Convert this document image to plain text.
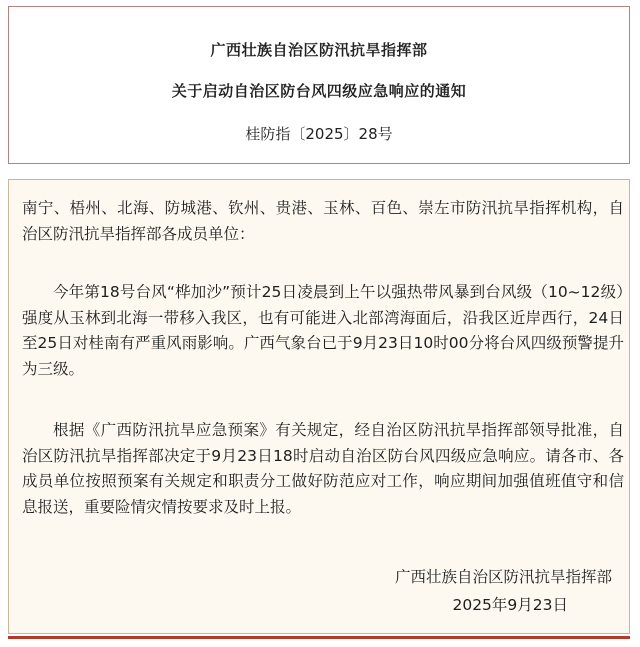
广西壮族自治区防汛抗旱指挥部

关于启动自治区防台风四级应急响应的通知

桂防指〔2025〕28号

南宁、梧州、北海、防城港、钦州、贵港、玉林、百色、崇左市防汛抗旱指挥机构，自治区防汛抗旱指挥部各成员单位：

今年第18号台风“桦加沙”预计25日凌晨到上午以强热带风暴到台风级（10~12级）强度从玉林到北海一带移入我区，也有可能进入北部湾海面后，沿我区近岸西行，24日至25日对桂南有严重风雨影响。广西气象台已于9月23日10时00分将台风四级预警提升为三级。

根据《广西防汛抗旱应急预案》有关规定，经自治区防汛抗旱指挥部领导批准，自治区防汛抗旱指挥部决定于9月23日18时启动自治区防台风四级应急响应。请各市、各成员单位按照预案有关规定和职责分工做好防范应对工作，响应期间加强值班值守和信息报送，重要险情灾情按要求及时上报。

广西壮族自治区防汛抗旱指挥部

2025年9月23日
